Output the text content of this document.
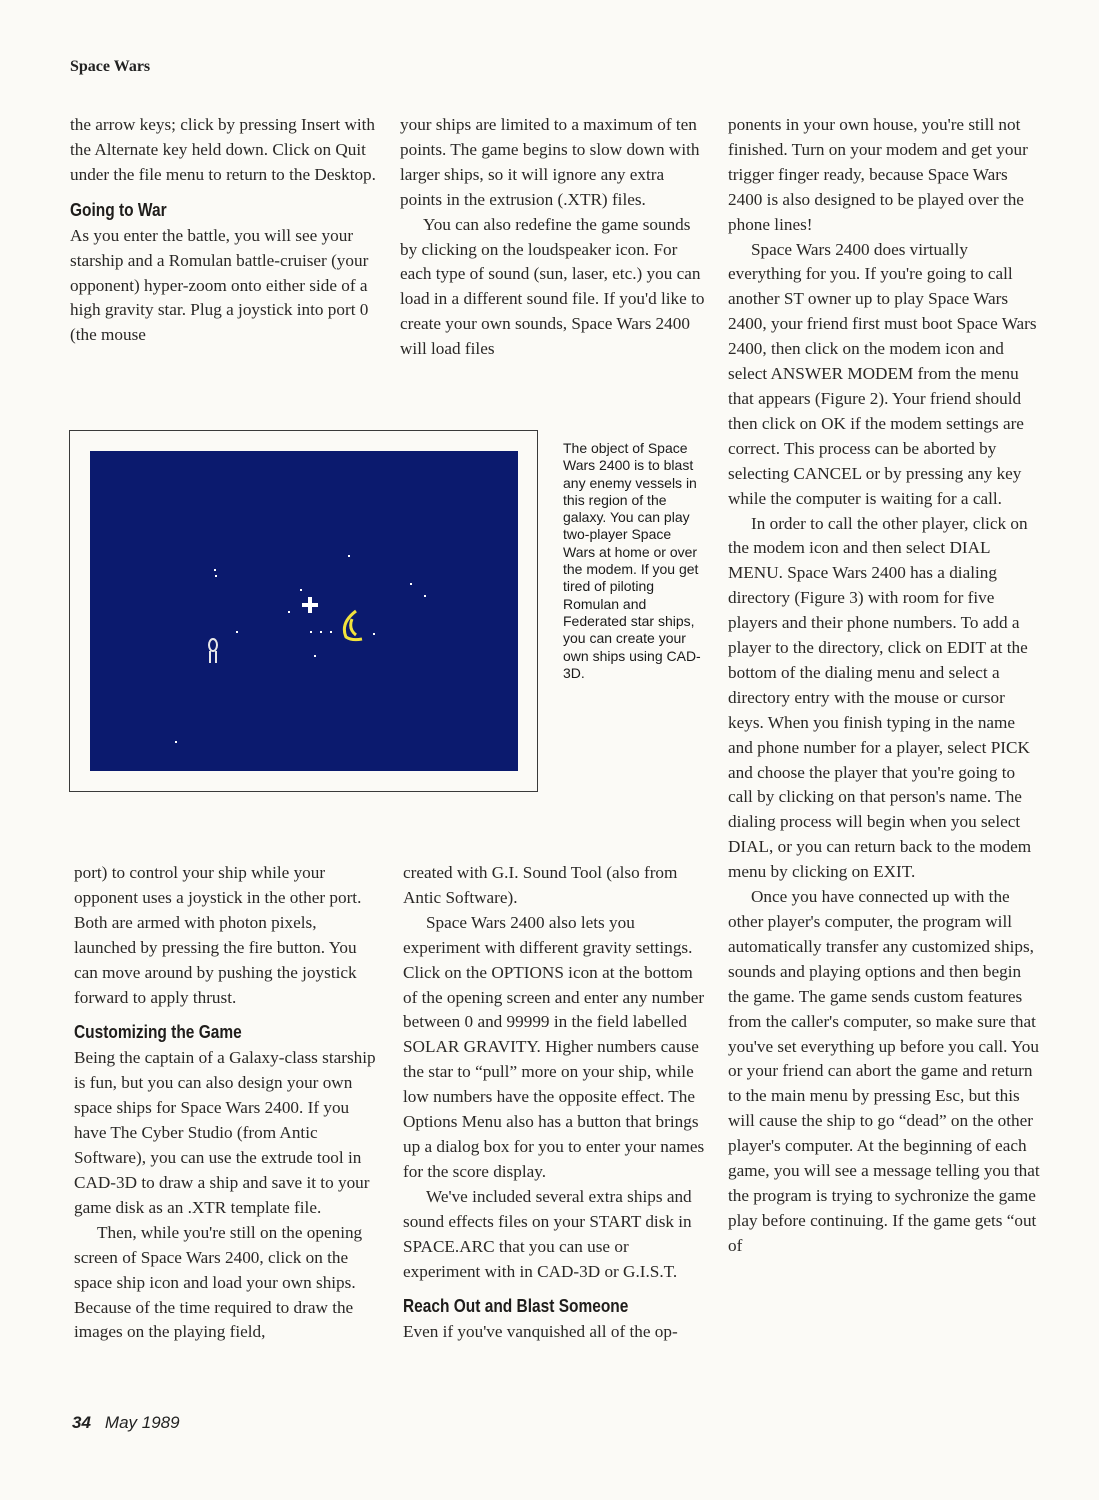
Space Wars

the arrow keys; click by pressing Insert with the Alternate key held down. Click on Quit under the file menu to return to the Desktop.

Going to War

As you enter the battle, you will see your starship and a Romulan battle-cruiser (your opponent) hyper-zoom onto either side of a high gravity star. Plug a joystick into port 0 (the mouse

your ships are limited to a maximum of ten points. The game begins to slow down with larger ships, so it will ignore any extra points in the extrusion (.XTR) files.

You can also redefine the game sounds by clicking on the loudspeaker icon. For each type of sound (sun, laser, etc.) you can load in a different sound file. If you'd like to create your own sounds, Space Wars 2400 will load files

port) to control your ship while your opponent uses a joystick in the other port. Both are armed with photon pixels, launched by pressing the fire button. You can move around by pushing the joystick forward to apply thrust.

Customizing the Game

Being the captain of a Galaxy-class starship is fun, but you can also design your own space ships for Space Wars 2400. If you have The Cyber Studio (from Antic Software), you can use the extrude tool in CAD-3D to draw a ship and save it to your game disk as an .XTR template file.

Then, while you're still on the opening screen of Space Wars 2400, click on the space ship icon and load your own ships. Because of the time required to draw the images on the playing field,

created with G.I. Sound Tool (also from Antic Software).

Space Wars 2400 also lets you experiment with different gravity settings. Click on the OPTIONS icon at the bottom of the opening screen and enter any number between 0 and 99999 in the field labelled SOLAR GRAVITY. Higher numbers cause the star to “pull” more on your ship, while low numbers have the opposite effect. The Options Menu also has a button that brings up a dialog box for you to enter your names for the score display.

We've included several extra ships and sound effects files on your START disk in SPACE.ARC that you can use or experiment with in CAD-3D or G.I.S.T.

Reach Out and Blast Someone

Even if you've vanquished all of the op-

ponents in your own house, you're still not finished. Turn on your modem and get your trigger finger ready, because Space Wars 2400 is also designed to be played over the phone lines!

Space Wars 2400 does virtually everything for you. If you're going to call another ST owner up to play Space Wars 2400, your friend first must boot Space Wars 2400, then click on the modem icon and select ANSWER MODEM from the menu that appears (Figure 2). Your friend should then click on OK if the modem settings are correct. This process can be aborted by selecting CANCEL or by pressing any key while the computer is waiting for a call.

In order to call the other player, click on the modem icon and then select DIAL MENU. Space Wars 2400 has a dialing directory (Figure 3) with room for five players and their phone numbers. To add a player to the directory, click on EDIT at the bottom of the dialing menu and select a directory entry with the mouse or cursor keys. When you finish typing in the name and phone number for a player, select PICK and choose the player that you're going to call by clicking on that person's name. The dialing process will begin when you select DIAL, or you can return back to the modem menu by clicking on EXIT.

Once you have connected up with the other player's computer, the program will automatically transfer any customized ships, sounds and playing options and then begin the game. The game sends custom features from the caller's computer, so make sure that you've set everything up before you call. You or your friend can abort the game and return to the main menu by pressing Esc, but this will cause the ship to go “dead” on the other player's computer. At the beginning of each game, you will see a message telling you that the program is trying to sychronize the game play before continuing. If the game gets “out of

The object of Space Wars 2400 is to blast any enemy vessels in this region of the galaxy. You can play two-player Space Wars at home or over the modem. If you get tired of piloting Romulan and Federated star ships, you can create your own ships using CAD-3D.
34 May 1989
